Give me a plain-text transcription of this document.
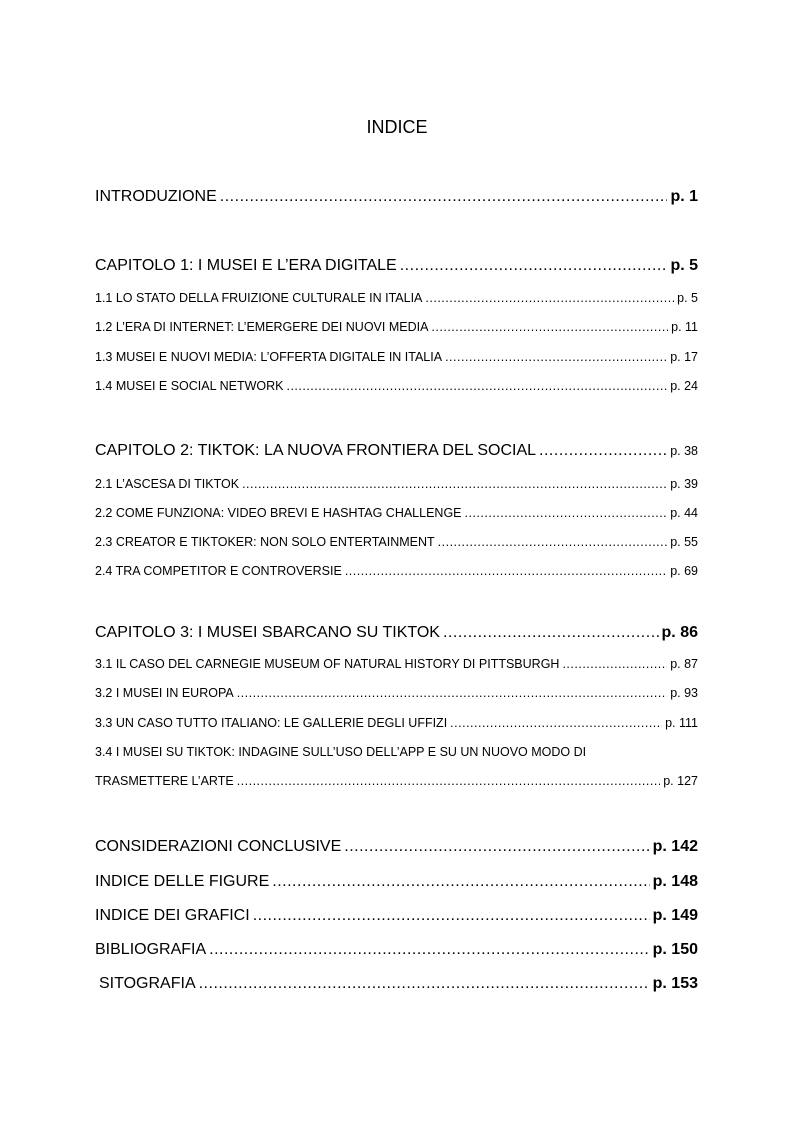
INDICE
INTRODUZIONE .....	p. 1
CAPITOLO 1: I MUSEI E L’ERA DIGITALE .....	p. 5
1.1 LO STATO DELLA FRUIZIONE CULTURALE IN ITALIA .....	p. 5
1.2 L’ERA DI INTERNET: L’EMERGERE DEI NUOVI MEDIA .....	p. 11
1.3 MUSEI E NUOVI MEDIA: L’OFFERTA DIGITALE IN ITALIA .....	p. 17
1.4 MUSEI E SOCIAL NETWORK .....	p. 24
CAPITOLO 2: TIKTOK: LA NUOVA FRONTIERA DEL SOCIAL .....	p. 38
2.1 L’ASCESA DI TIKTOK .....	p. 39
2.2 COME FUNZIONA: VIDEO BREVI E HASHTAG CHALLENGE .....	p. 44
2.3 CREATOR E TIKTOKER: NON SOLO ENTERTAINMENT .....	p. 55
2.4 TRA COMPETITOR E CONTROVERSIE .....	p. 69
CAPITOLO 3: I MUSEI SBARCANO SU TIKTOK .....	p. 86
3.1 IL CASO DEL CARNEGIE MUSEUM OF NATURAL HISTORY DI PITTSBURGH .....	p. 87
3.2 I MUSEI IN EUROPA .....	p. 93
3.3 UN CASO TUTTO ITALIANO: LE GALLERIE DEGLI UFFIZI .....	p. 111
3.4 I MUSEI SU TIKTOK: INDAGINE SULL’USO DELL’APP E SU UN NUOVO MODO DI
TRASMETTERE L’ARTE .....	p. 127
CONSIDERAZIONI CONCLUSIVE .....	p. 142
INDICE DELLE FIGURE .....	p. 148
INDICE DEI GRAFICI .....	p. 149
BIBLIOGRAFIA .....	p. 150
SITOGRAFIA .....	p. 153
